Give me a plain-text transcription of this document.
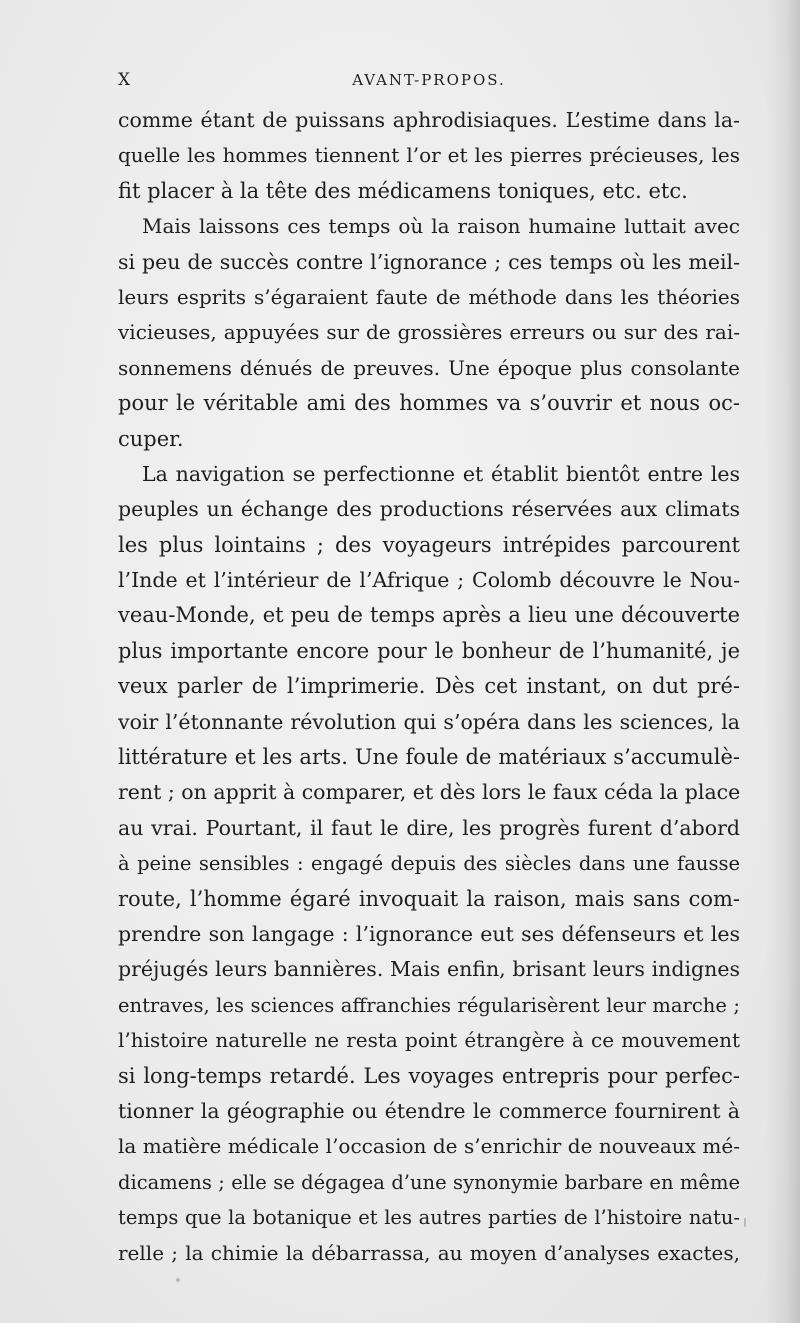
X	AVANT-PROPOS.
comme étant de puissans aphrodisiaques. L’estime dans la-
quelle les hommes tiennent l’or et les pierres précieuses, les
fit placer à la tête des médicamens toniques, etc. etc.
Mais laissons ces temps où la raison humaine luttait avec
si peu de succès contre l’ignorance ; ces temps où les meil-
leurs esprits s’égaraient faute de méthode dans les théories
vicieuses, appuyées sur de grossières erreurs ou sur des rai-
sonnemens dénués de preuves. Une époque plus consolante
pour le véritable ami des hommes va s’ouvrir et nous oc-
cuper.
La navigation se perfectionne et établit bientôt entre les
peuples un échange des productions réservées aux climats
les plus lointains ; des voyageurs intrépides parcourent
l’Inde et l’intérieur de l’Afrique ; Colomb découvre le Nou-
veau-Monde, et peu de temps après a lieu une découverte
plus importante encore pour le bonheur de l’humanité, je
veux parler de l’imprimerie. Dès cet instant, on dut pré-
voir l’étonnante révolution qui s’opéra dans les sciences, la
littérature et les arts. Une foule de matériaux s’accumulè-
rent ; on apprit à comparer, et dès lors le faux céda la place
au vrai. Pourtant, il faut le dire, les progrès furent d’abord
à peine sensibles : engagé depuis des siècles dans une fausse
route, l’homme égaré invoquait la raison, mais sans com-
prendre son langage : l’ignorance eut ses défenseurs et les
préjugés leurs bannières. Mais enfin, brisant leurs indignes
entraves, les sciences affranchies régularisèrent leur marche ;
l’histoire naturelle ne resta point étrangère à ce mouvement
si long-temps retardé. Les voyages entrepris pour perfec-
tionner la géographie ou étendre le commerce fournirent à
la matière médicale l’occasion de s’enrichir de nouveaux mé-
dicamens ; elle se dégagea d’une synonymie barbare en même
temps que la botanique et les autres parties de l’histoire natu-
relle ; la chimie la débarrassa, au moyen d’analyses exactes,
